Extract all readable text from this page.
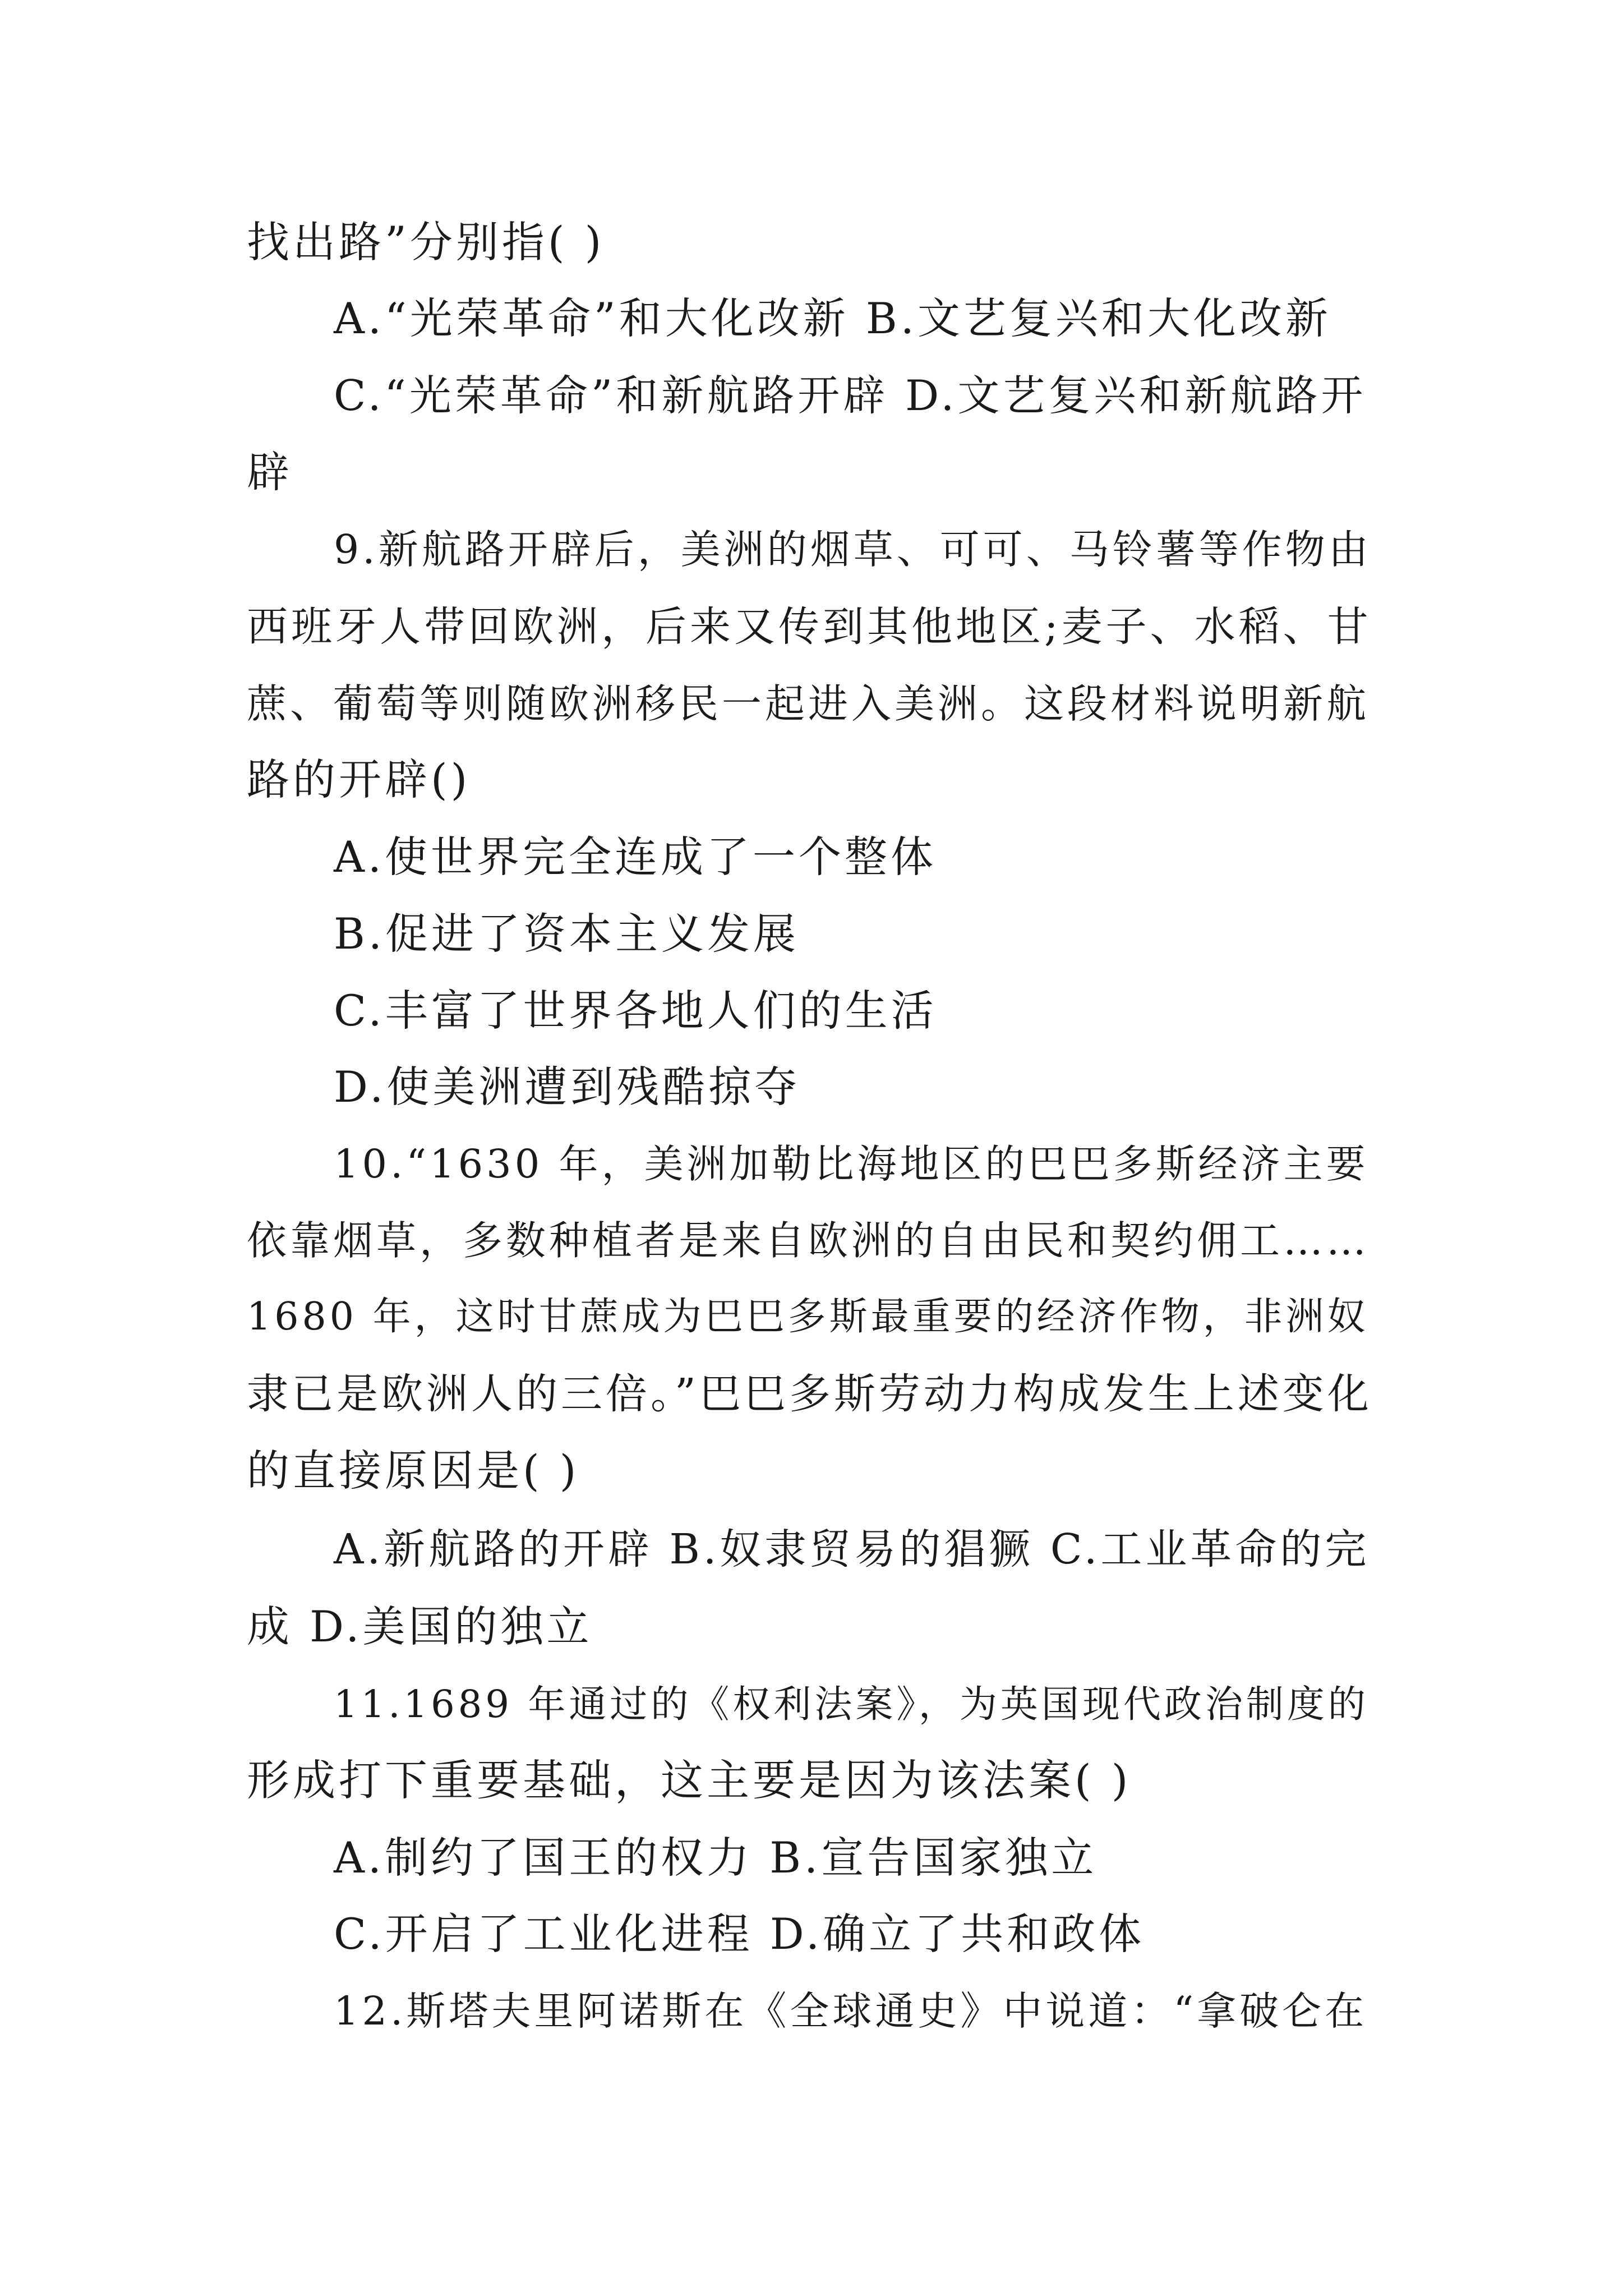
找出路”分别指( )
A.“光荣革命”和大化改新 B.文艺复兴和大化改新
C.“光荣革命”和新航路开辟 D.文艺复兴和新航路开
辟
9.新航路开辟后，美洲的烟草、可可、马铃薯等作物由
西班牙人带回欧洲，后来又传到其他地区;麦子、水稻、甘
蔗、葡萄等则随欧洲移民一起进入美洲。这段材料说明新航
路的开辟()
A.使世界完全连成了一个整体
B.促进了资本主义发展
C.丰富了世界各地人们的生活
D.使美洲遭到残酷掠夺
10.“1630 年，美洲加勒比海地区的巴巴多斯经济主要
依靠烟草，多数种植者是来自欧洲的自由民和契约佣工……
1680 年，这时甘蔗成为巴巴多斯最重要的经济作物，非洲奴
隶已是欧洲人的三倍。”巴巴多斯劳动力构成发生上述变化
的直接原因是( )
A.新航路的开辟 B.奴隶贸易的猖獗 C.工业革命的完
成 D.美国的独立
11.1689 年通过的《权利法案》，为英国现代政治制度的
形成打下重要基础，这主要是因为该法案( )
A.制约了国王的权力 B.宣告国家独立
C.开启了工业化进程 D.确立了共和政体
12.斯塔夫里阿诺斯在《全球通史》中说道：“拿破仑在
